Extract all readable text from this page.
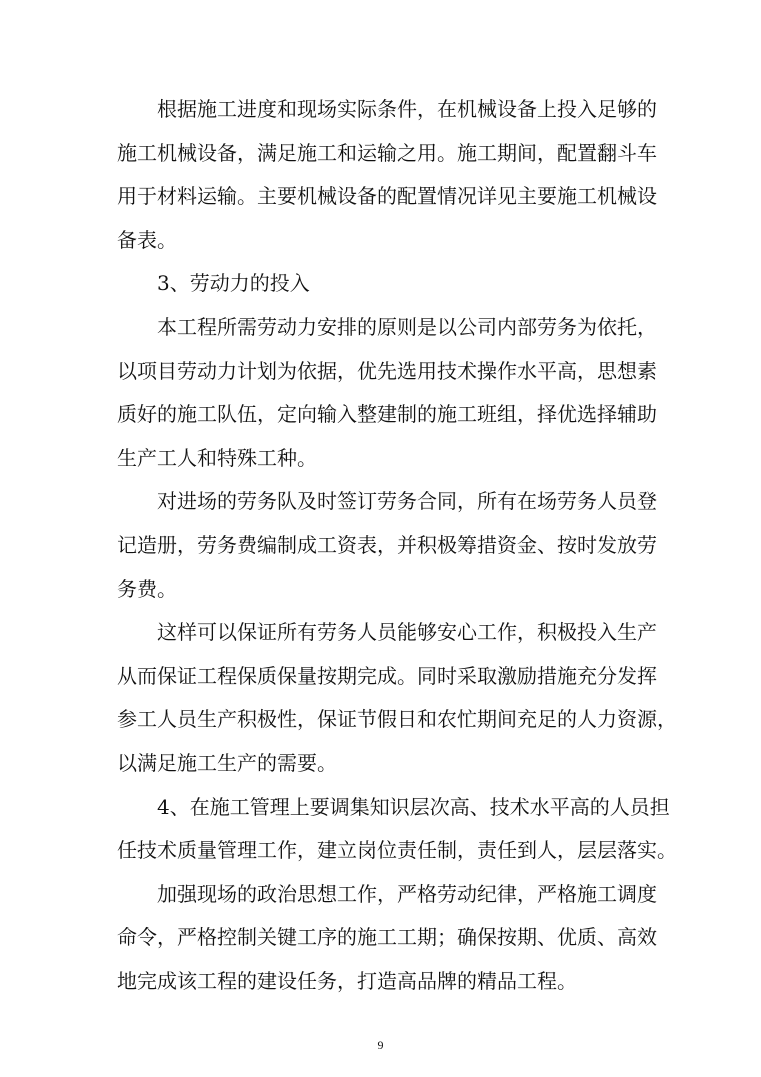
根据施工进度和现场实际条件，在机械设备上投入足够的
施工机械设备，满足施工和运输之用。施工期间，配置翻斗车
用于材料运输。主要机械设备的配置情况详见主要施工机械设
备表。
3、劳动力的投入
本工程所需劳动力安排的原则是以公司内部劳务为依托，
以项目劳动力计划为依据，优先选用技术操作水平高，思想素
质好的施工队伍，定向输入整建制的施工班组，择优选择辅助
生产工人和特殊工种。
对进场的劳务队及时签订劳务合同，所有在场劳务人员登
记造册，劳务费编制成工资表，并积极筹措资金、按时发放劳
务费。
这样可以保证所有劳务人员能够安心工作，积极投入生产
从而保证工程保质保量按期完成。同时采取激励措施充分发挥
参工人员生产积极性，保证节假日和农忙期间充足的人力资源，
以满足施工生产的需要。
4、在施工管理上要调集知识层次高、技术水平高的人员担
任技术质量管理工作，建立岗位责任制，责任到人，层层落实。
加强现场的政治思想工作，严格劳动纪律，严格施工调度
命令，严格控制关键工序的施工工期；确保按期、优质、高效
地完成该工程的建设任务，打造高品牌的精品工程。
9
